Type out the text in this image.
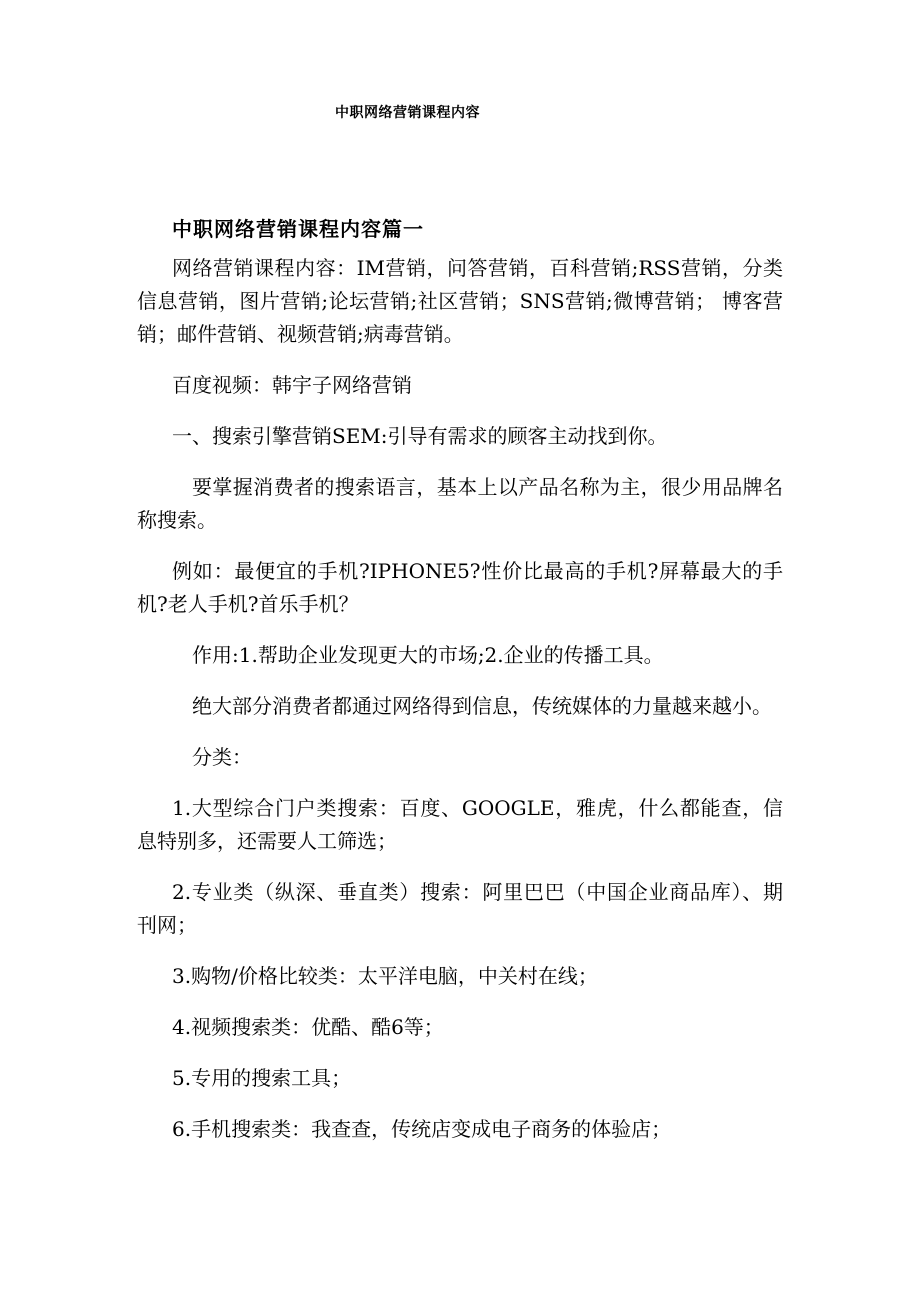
中职网络营销课程内容
中职网络营销课程内容篇一

网络营销课程内容：IM营销，问答营销，百科营销;RSS营销，分类信息营销，图片营销;论坛营销;社区营销；SNS营销;微博营销； 博客营销；邮件营销、视频营销;病毒营销。

百度视频：韩宇子网络营销

一、搜索引擎营销SEM:引导有需求的顾客主动找到你。

要掌握消费者的搜索语言，基本上以产品名称为主，很少用品牌名称搜索。

例如：最便宜的手机?IPHONE5?性价比最高的手机?屏幕最大的手机?老人手机?首乐手机？

作用:1.帮助企业发现更大的市场;2.企业的传播工具。

绝大部分消费者都通过网络得到信息，传统媒体的力量越来越小。

分类：

1.大型综合门户类搜索：百度、GOOGLE，雅虎，什么都能查，信息特别多，还需要人工筛选；

2.专业类（纵深、垂直类）搜索：阿里巴巴（中国企业商品库）、期 刊网；

3.购物/价格比较类：太平洋电脑，中关村在线；

4.视频搜索类：优酷、酷6等；

5.专用的搜索工具；

6.手机搜索类：我查查，传统店变成电子商务的体验店；
